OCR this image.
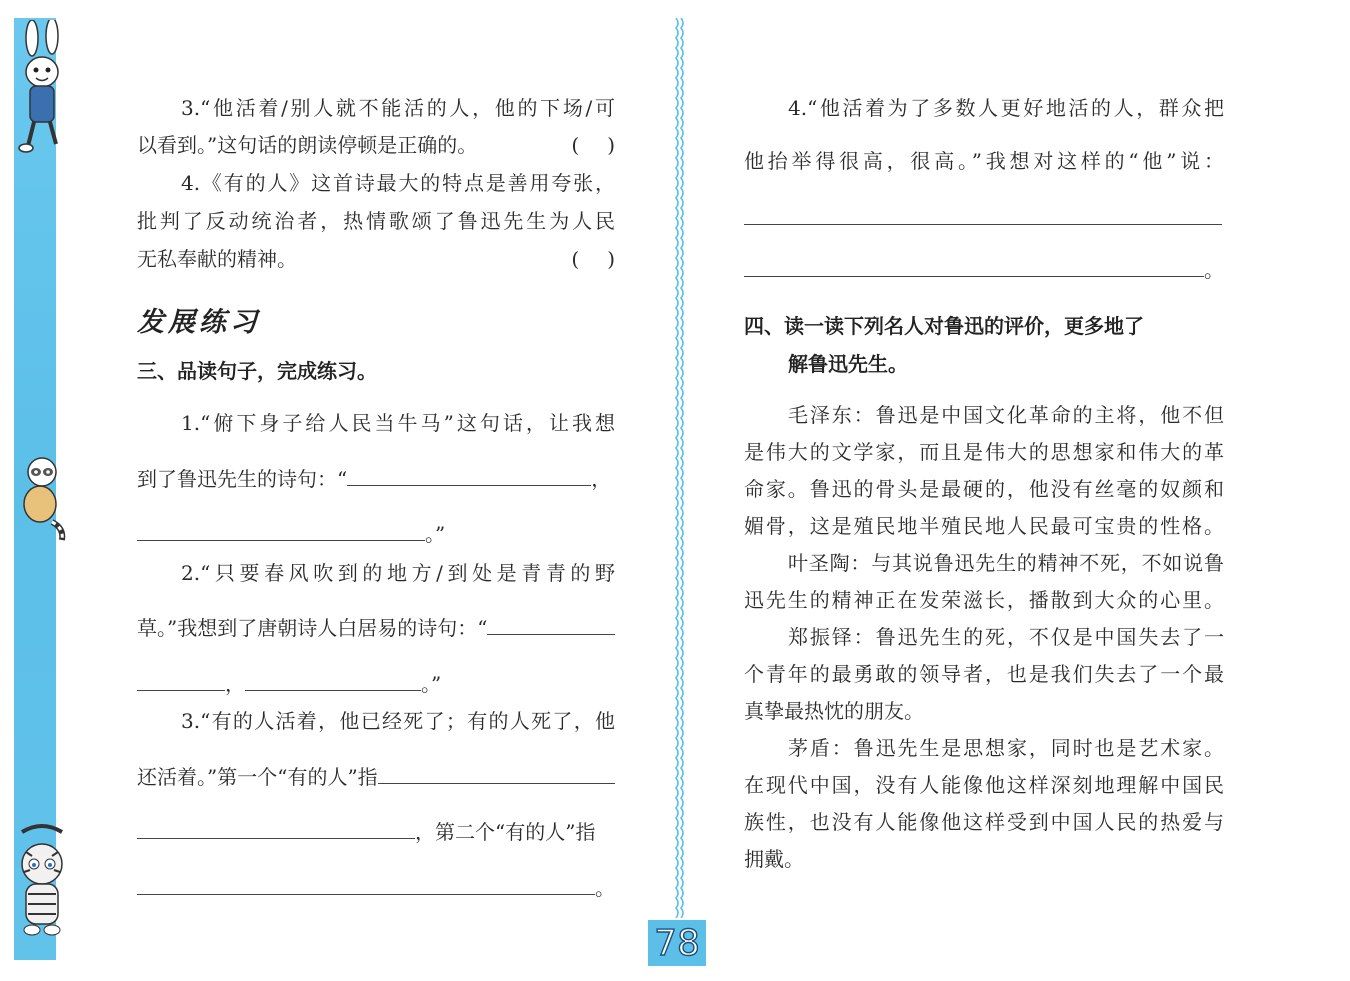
3.“他活着/别人就不能活的人，他的下场/可
以看到。”这句话的朗读停顿是正确的。	( )
4.《有的人》这首诗最大的特点是善用夸张，
批判了反动统治者，热情歌颂了鲁迅先生为人民
无私奉献的精神。	( )
发展练习
三、品读句子，完成练习。
1.“俯下身子给人民当牛马”这句话，让我想
到了鲁迅先生的诗句：“	，
。”
2.“只要春风吹到的地方/到处是青青的野
草。”我想到了唐朝诗人白居易的诗句：“
，	。”
3.“有的人活着，他已经死了；有的人死了，他
还活着。”第一个“有的人”指
，第二个“有的人”指
。
4.“他活着为了多数人更好地活的人，群众把
他抬举得很高，很高。”我想对这样的“他”说：
。
四、读一读下列名人对鲁迅的评价，更多地了
解鲁迅先生。
毛泽东：鲁迅是中国文化革命的主将，他不但
是伟大的文学家，而且是伟大的思想家和伟大的革
命家。鲁迅的骨头是最硬的，他没有丝毫的奴颜和
媚骨，这是殖民地半殖民地人民最可宝贵的性格。
叶圣陶：与其说鲁迅先生的精神不死，不如说鲁
迅先生的精神正在发荣滋长，播散到大众的心里。
郑振铎：鲁迅先生的死，不仅是中国失去了一
个青年的最勇敢的领导者，也是我们失去了一个最
真挚最热忱的朋友。
茅盾：鲁迅先生是思想家，同时也是艺术家。
在现代中国，没有人能像他这样深刻地理解中国民
族性，也没有人能像他这样受到中国人民的热爱与
拥戴。
78
